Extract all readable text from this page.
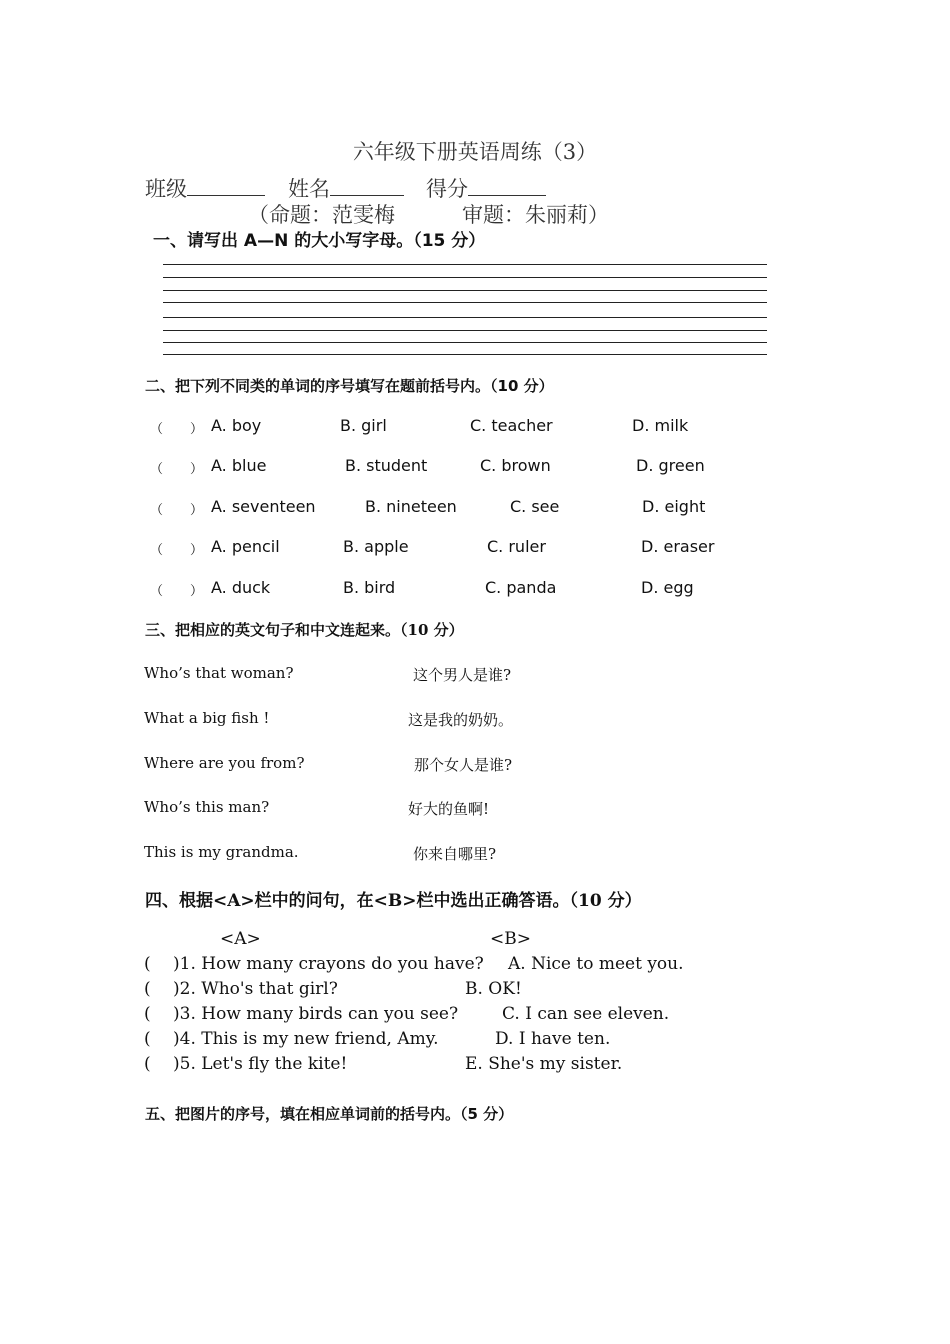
六年级下册英语周练（3）
班级	姓名	得分
（命题：范雯梅	审题：朱丽莉）
一、请写出 A—N 的大小写字母。（15 分）
二、把下列不同类的单词的序号填写在题前括号内。（10 分）
（ ） A. boy	B. girl	C. teacher	D. milk
（ ） A. blue	B. student	C. brown	D. green
（ ） A. seventeen	B. nineteen	C. see	D. eight
（ ） A. pencil	B. apple	C. ruler	D. eraser
（ ） A. duck	B. bird	C. panda	D. egg
三、把相应的英文句子和中文连起来。（10 分）
Who’s that woman?	这个男人是谁?
What a big fish !	这是我的奶奶。
Where are you from?	那个女人是谁?
Who’s this man?	好大的鱼啊!
This is my grandma.	你来自哪里?
四、根据<A>栏中的问句，在<B>栏中选出正确答语。（10 分）
<A>	<B>
( )1. How many crayons do you have? A. Nice to meet you.
( )2. Who's that girl?	B. OK!
( )3. How many birds can you see?	C. I can see eleven.
( )4. This is my new friend, Amy.	D. I have ten.
( )5. Let's fly the kite!	E. She's my sister.
五、把图片的序号，填在相应单词前的括号内。（5 分）
